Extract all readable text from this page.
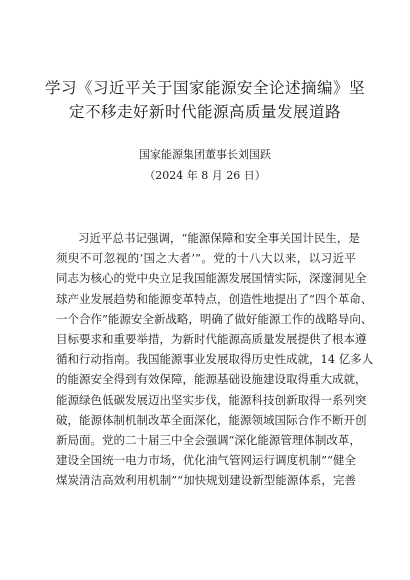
学习《习近平关于国家能源安全论述摘编》坚
定不移走好新时代能源高质量发展道路
国家能源集团董事长刘国跃
（2024 年 8 月 26 日）
习近平总书记强调，“能源保障和安全事关国计民生，是
须臾不可忽视的‘国之大者’”。党的十八大以来，以习近平
同志为核心的党中央立足我国能源发展国情实际，深邃洞见全
球产业发展趋势和能源变革特点，创造性地提出了“四个革命、
一个合作”能源安全新战略，明确了做好能源工作的战略导向、
目标要求和重要举措，为新时代能源高质量发展提供了根本遵
循和行动指南。我国能源事业发展取得历史性成就，14 亿多人
的能源安全得到有效保障，能源基础设施建设取得重大成就，
能源绿色低碳发展迈出坚实步伐，能源科技创新取得一系列突
破，能源体制机制改革全面深化，能源领域国际合作不断开创
新局面。党的二十届三中全会强调“深化能源管理体制改革，
建设全国统一电力市场，优化油气管网运行调度机制”“健全
煤炭清洁高效利用机制”“加快规划建设新型能源体系，完善
